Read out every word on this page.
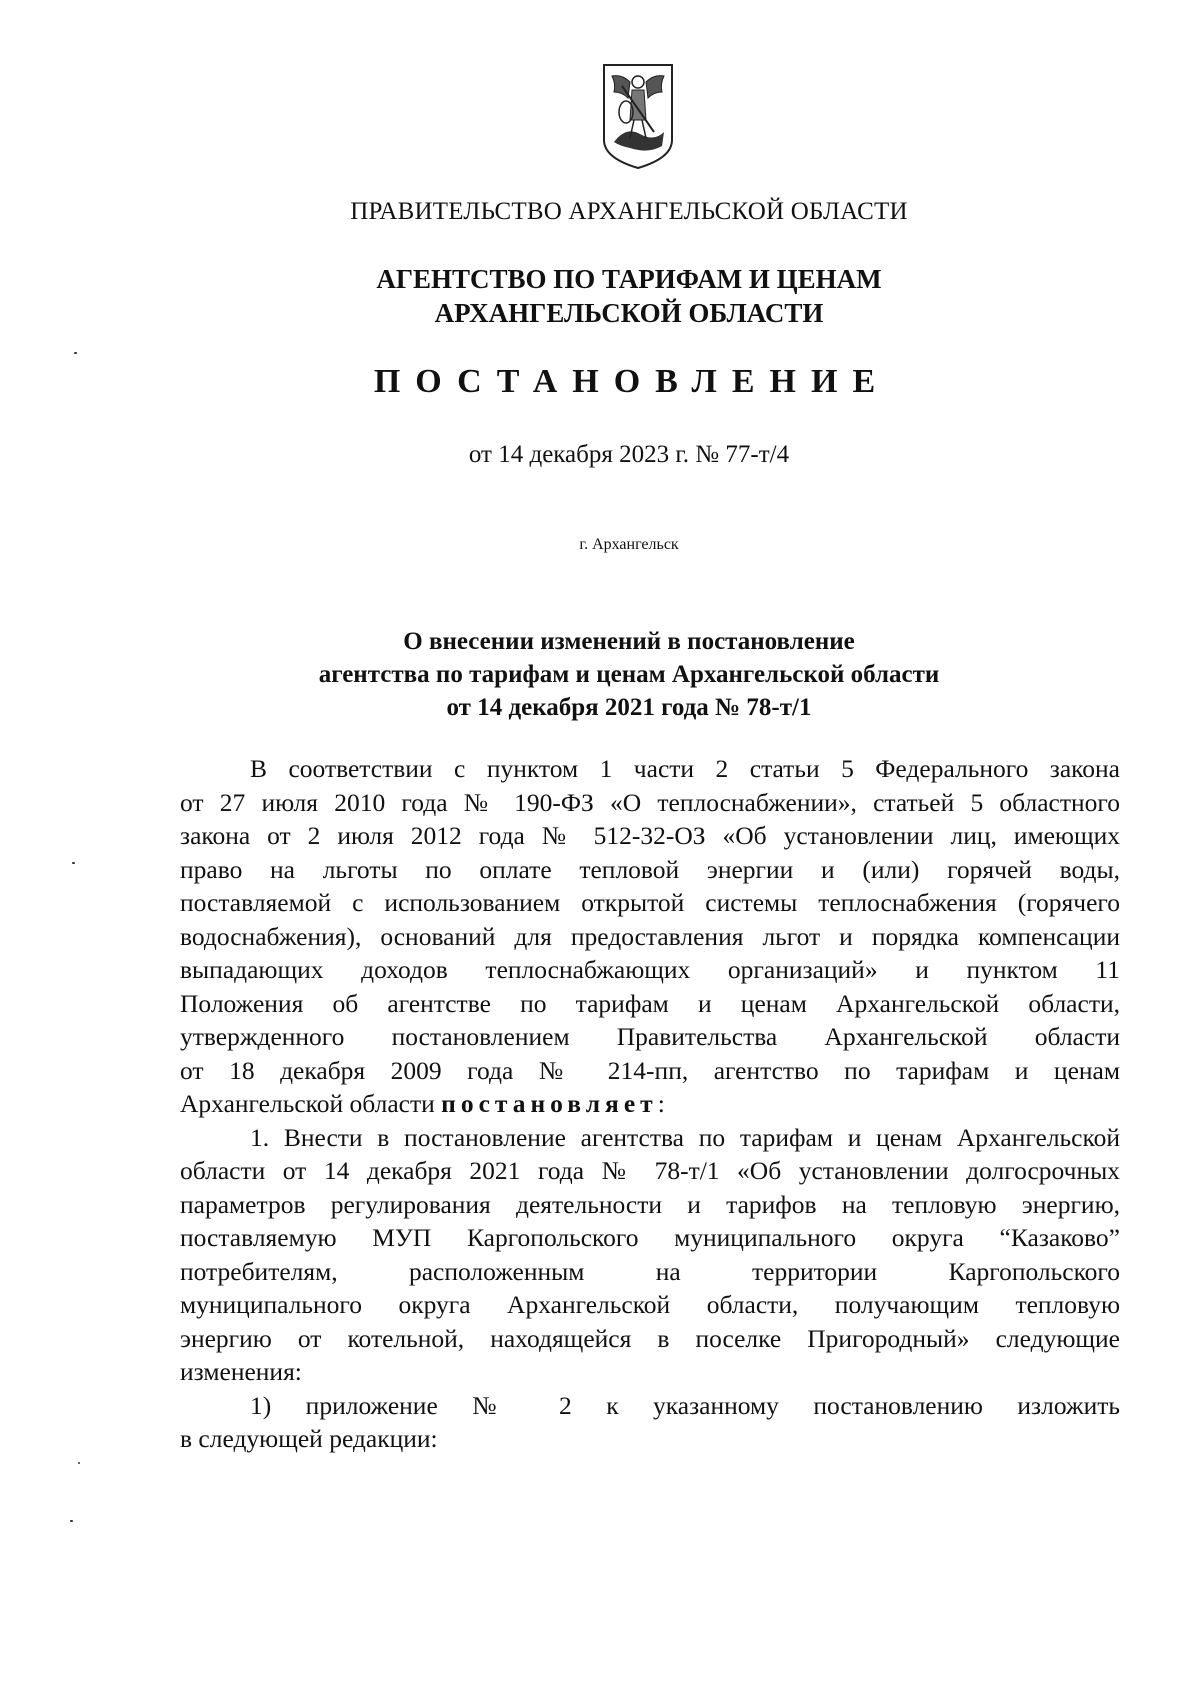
ПРАВИТЕЛЬСТВО АРХАНГЕЛЬСКОЙ ОБЛАСТИ
АГЕНТСТВО ПО ТАРИФАМ И ЦЕНАМ
АРХАНГЕЛЬСКОЙ ОБЛАСТИ
ПОСТАНОВЛЕНИЕ
от 14 декабря 2023 г. № 77-т/4
г. Архангельск
О внесении изменений в постановление
агентства по тарифам и ценам Архангельской области
от 14 декабря 2021 года № 78-т/1

В соответствии с пунктом 1 части 2 статьи 5 Федерального закона
от 27 июля 2010 года № 190-ФЗ «О теплоснабжении», статьей 5 областного
закона от 2 июля 2012 года № 512-32-ОЗ «Об установлении лиц, имеющих
право на льготы по оплате тепловой энергии и (или) горячей воды,
поставляемой с использованием открытой системы теплоснабжения (горячего
водоснабжения), оснований для предоставления льгот и порядка компенсации
выпадающих доходов теплоснабжающих организаций» и пунктом 11
Положения об агентстве по тарифам и ценам Архангельской области,
утвержденного постановлением Правительства Архангельской области
от 18 декабря 2009 года № 214-пп, агентство по тарифам и ценам
Архангельской области постановляет:

1. Внести в постановление агентства по тарифам и ценам Архангельской
области от 14 декабря 2021 года № 78-т/1 «Об установлении долгосрочных
параметров регулирования деятельности и тарифов на тепловую энергию,
поставляемую МУП Каргопольского муниципального округа “Казаково”
потребителям, расположенным на территории Каргопольского
муниципального округа Архангельской области, получающим тепловую
энергию от котельной, находящейся в поселке Пригородный» следующие
изменения:

1) приложение № 2 к указанному постановлению изложить
в следующей редакции:
